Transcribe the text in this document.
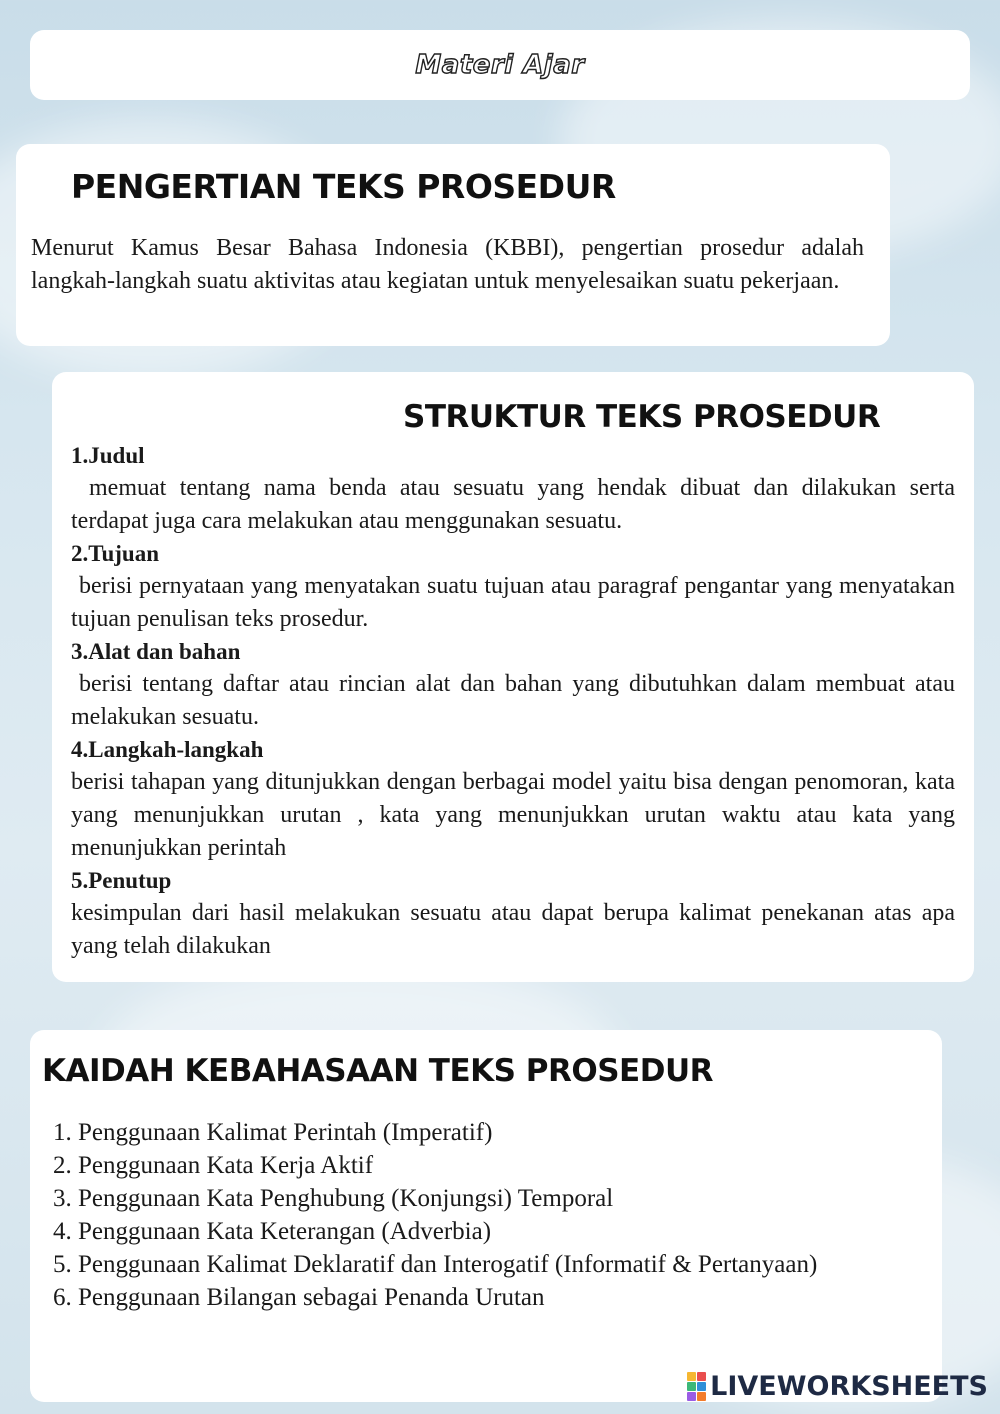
Materi Ajar
PENGERTIAN TEKS PROSEDUR

Menurut Kamus Besar Bahasa Indonesia (KBBI), pengertian prosedur adalah langkah-langkah suatu aktivitas atau kegiatan untuk menyelesaikan suatu pekerjaan.

STRUKTUR TEKS PROSEDUR

1.Judul

memuat tentang nama benda atau sesuatu yang hendak dibuat dan dilakukan serta terdapat juga cara melakukan atau menggunakan sesuatu.

2.Tujuan

berisi pernyataan yang menyatakan suatu tujuan atau paragraf pengantar yang menyatakan tujuan penulisan teks prosedur.

3.Alat dan bahan

berisi tentang daftar atau rincian alat dan bahan yang dibutuhkan dalam membuat atau melakukan sesuatu.

4.Langkah-langkah

berisi tahapan yang ditunjukkan dengan berbagai model yaitu bisa dengan penomoran, kata yang menunjukkan urutan , kata yang menunjukkan urutan waktu atau kata yang menunjukkan perintah

5.Penutup

kesimpulan dari hasil melakukan sesuatu atau dapat berupa kalimat penekanan atas apa yang telah dilakukan

KAIDAH KEBAHASAAN TEKS PROSEDUR
1. Penggunaan Kalimat Perintah (Imperatif)
2. Penggunaan Kata Kerja Aktif
3. Penggunaan Kata Penghubung (Konjungsi) Temporal
4. Penggunaan Kata Keterangan (Adverbia)
5. Penggunaan Kalimat Deklaratif dan Interogatif (Informatif & Pertanyaan)
6. Penggunaan Bilangan sebagai Penanda Urutan
LIVEWORKSHEETS
